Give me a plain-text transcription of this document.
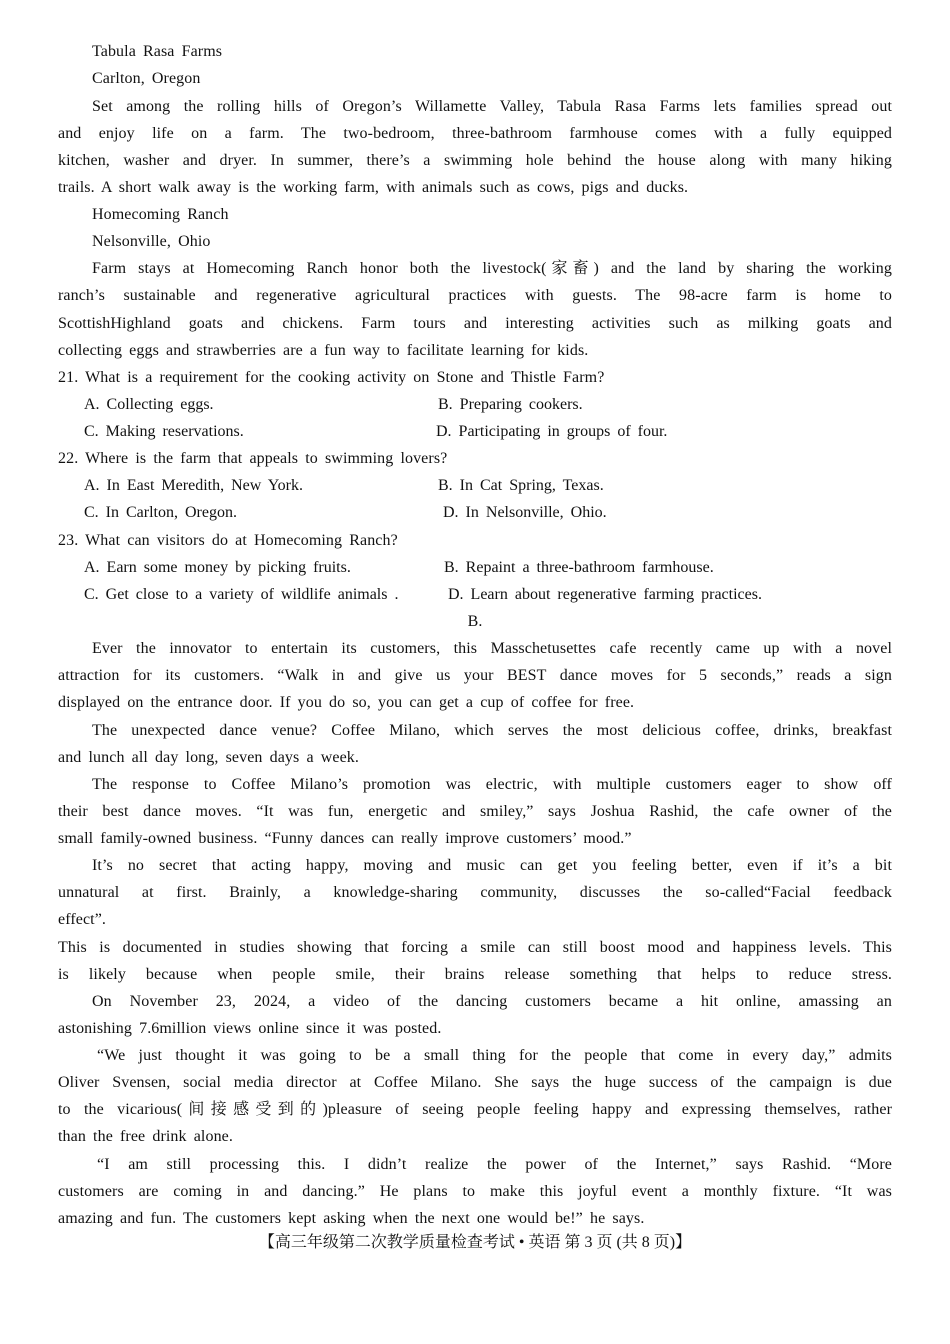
Tabula Rasa Farms
Carlton, Oregon
Set among the rolling hills of Oregon’s Willamette Valley, Tabula Rasa Farms lets families spread out
and enjoy life on a farm. The two-bedroom, three-bathroom farmhouse comes with a fully equipped
kitchen, washer and dryer. In summer, there’s a swimming hole behind the house along with many hiking
trails. A short walk away is the working farm, with animals such as cows, pigs and ducks.
Homecoming Ranch
Nelsonville, Ohio
Farm stays at Homecoming Ranch honor both the livestock(家畜) and the land by sharing the working
ranch’s sustainable and regenerative agricultural practices with guests. The 98-acre farm is home to
ScottishHighland goats and chickens. Farm tours and interesting activities such as milking goats and
collecting eggs and strawberries are a fun way to facilitate learning for kids.
21. What is a requirement for the cooking activity on Stone and Thistle Farm?
A. Collecting eggs.	B. Preparing cookers.
C. Making reservations.	D. Participating in groups of four.
22. Where is the farm that appeals to swimming lovers?
A. In East Meredith, New York.	B. In Cat Spring, Texas.
C. In Carlton, Oregon.	D. In Nelsonville, Ohio.
23. What can visitors do at Homecoming Ranch?
A. Earn some money by picking fruits.	B. Repaint a three-bathroom farmhouse.
C. Get close to a variety of wildlife animals .	D. Learn about regenerative farming practices.
B.
Ever the innovator to entertain its customers, this Masschetusettes cafe recently came up with a novel
attraction for its customers. “Walk in and give us your BEST dance moves for 5 seconds,” reads a sign
displayed on the entrance door. If you do so, you can get a cup of coffee for free.
The unexpected dance venue? Coffee Milano, which serves the most delicious coffee, drinks, breakfast
and lunch all day long, seven days a week.
The response to Coffee Milano’s promotion was electric, with multiple customers eager to show off
their best dance moves. “It was fun, energetic and smiley,” says Joshua Rashid, the cafe owner of the
small family-owned business. “Funny dances can really improve customers’ mood.”
It’s no secret that acting happy, moving and music can get you feeling better, even if it’s a bit
unnatural at first. Brainly, a knowledge-sharing community, discusses the so-called“Facial feedback
effect”.
This is documented in studies showing that forcing a smile can still boost mood and happiness levels. This
is likely because when people smile, their brains release something that helps to reduce stress.
On November 23, 2024, a video of the dancing customers became a hit online, amassing an
astonishing 7.6million views online since it was posted.
“We just thought it was going to be a small thing for the people that come in every day,” admits
Oliver Svensen, social media director at Coffee Milano. She says the huge success of the campaign is due
to the vicarious(间接感受到的)pleasure of seeing people feeling happy and expressing themselves, rather
than the free drink alone.
“I am still processing this. I didn’t realize the power of the Internet,” says Rashid. “More
customers are coming in and dancing.” He plans to make this joyful event a monthly fixture. “It was
amazing and fun. The customers kept asking when the next one would be!” he says.
【高三年级第二次教学质量检查考试 • 英语 第 3 页 (共 8 页)】
